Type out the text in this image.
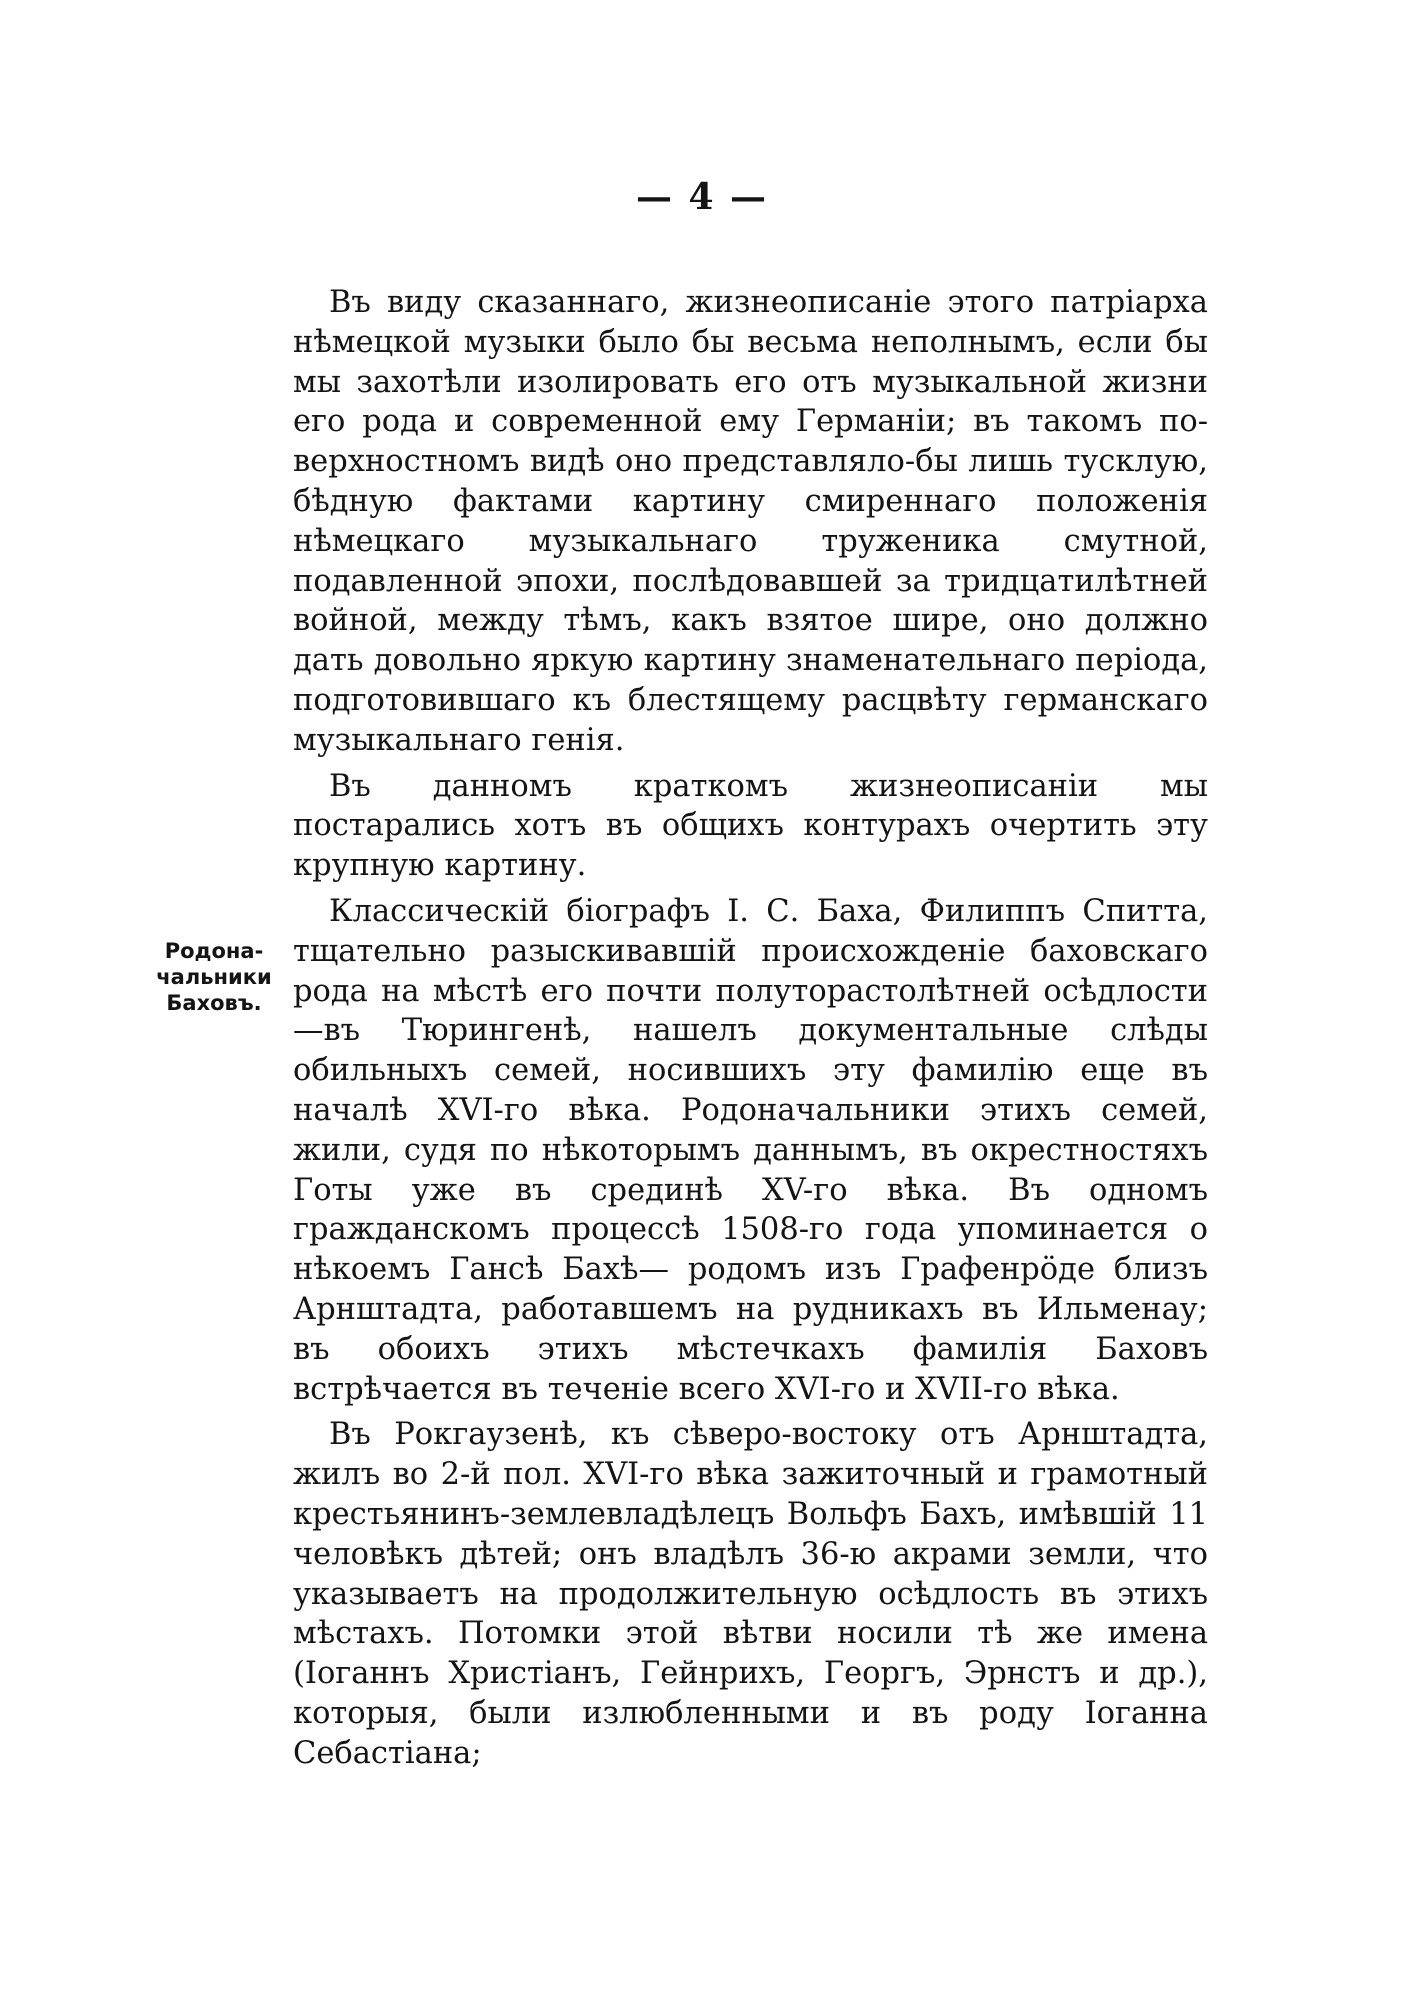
— 4 —
Родона-
чальники
Баховъ.

Въ виду сказаннаго, жизнеописаніе этого патріарха нѣмецкой музыки было бы весьма неполнымъ, если бы мы захотѣли изолировать его отъ музыкальной жизни его рода и современной ему Германіи; въ такомъ поверхностномъ видѣ оно представляло-бы лишь тусклую, бѣдную фактами картину смиреннаго положенія нѣмецкаго музыкальнаго труженика смутной, подавленной эпохи, послѣдовавшей за тридцатилѣтней войной, между тѣмъ, какъ взятое шире, оно должно дать довольно яркую картину знаменательнаго періода, подготовившаго къ блестящему расцвѣту германскаго музыкальнаго генія.

Въ данномъ краткомъ жизнеописаніи мы постарались хотъ въ общихъ контурахъ очертить эту крупную картину.

Классическій біографъ І. С. Баха, Филиппъ Спитта, тщательно разыскивавшій происхожденіе баховскаго рода на мѣстѣ его почти полуторастолѣтней осѣдлости—въ Тюрингенѣ, нашелъ документальные слѣды обильныхъ семей, носившихъ эту фамилію еще въ началѣ XVI-го вѣка. Родоначальники этихъ семей, жили, судя по нѣкоторымъ даннымъ, въ окрестностяхъ Готы уже въ срединѣ XV-го вѣка. Въ одномъ гражданскомъ процессѣ 1508-го года упоминается о нѣкоемъ Гансѣ Бахѣ— родомъ изъ Графенрöде близъ Арнштадта, работавшемъ на рудникахъ въ Ильменау; въ обоихъ этихъ мѣстечкахъ фамилія Баховъ встрѣчается въ теченіе всего XVI-го и XVII-го вѣка.

Въ Рокгаузенѣ, къ сѣверо-востоку отъ Арнштадта, жилъ во 2-й пол. XVI-го вѣка зажиточный и грамотный крестьянинъ-землевладѣлецъ Вольфъ Бахъ, имѣвшій 11 человѣкъ дѣтей; онъ владѣлъ 36-ю акрами земли, что указываетъ на продолжительную осѣдлость въ этихъ мѣстахъ. Потомки этой вѣтви носили тѣ же имена (Іоганнъ Христіанъ, Гейнрихъ, Георгъ, Эрнстъ и др.), которыя, были излюбленными и въ роду Іоганна Себастіана;
